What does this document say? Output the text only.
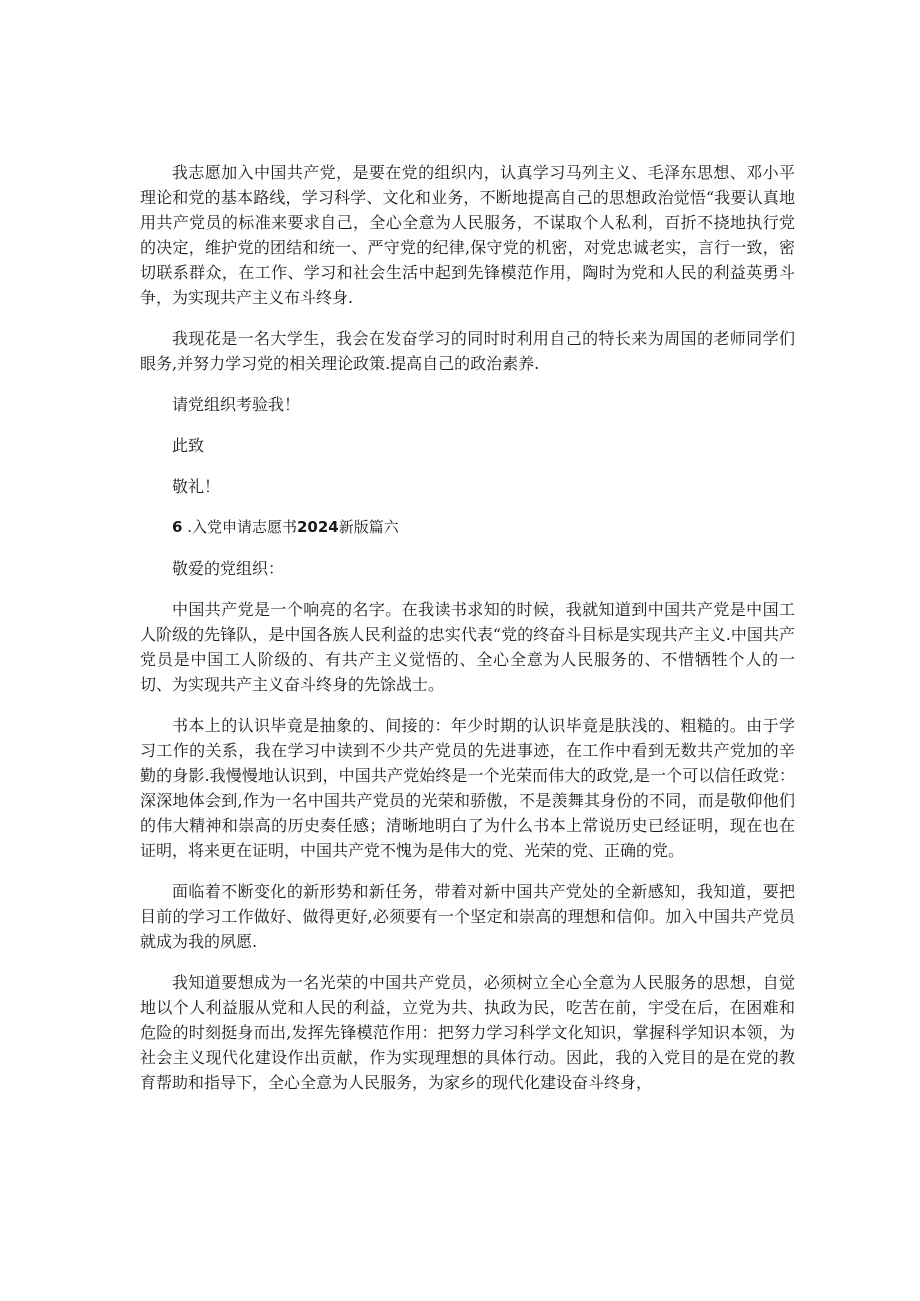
我志愿加入中国共产党，是要在党的组织内，认真学习马列主义、毛泽东思想、邓小平理论和党的基本路线，学习科学、文化和业务，不断地提高自己的思想政治觉悟“我要认真地用共产党员的标准来要求自己，全心全意为人民服务，不谋取个人私利，百折不挠地执行党的决定，维护党的团结和统一、严守党的纪律,保守党的机密，对党忠诚老实，言行一致，密切联系群众，在工作、学习和社会生活中起到先锋模范作用，陶时为党和人民的利益英勇斗争，为实现共产主义布斗终身.

我现花是一名大学生，我会在发奋学习的同时时利用自己的特长来为周国的老师同学们眼务,并努力学习党的相关理论政策.提高自己的政治素养.

请党组织考验我！

此致

敬礼！

6 .入党申请志愿书2024新版篇六

敬爱的党组织：

中国共产党是一个响亮的名字。在我读书求知的时候，我就知道到中国共产党是中国工人阶级的先锋队，是中国各族人民利益的忠实代表“党的终奋斗目标是实现共产主义.中国共产党员是中国工人阶级的、有共产主义觉悟的、全心全意为人民服务的、不惜牺牲个人的一切、为实现共产主义奋斗终身的先馀战士。

书本上的认识毕竟是抽象的、间接的：年少时期的认识毕竟是肤浅的、粗糙的。由于学习工作的关系，我在学习中读到不少共产党员的先进事迹，在工作中看到无数共产党加的辛勤的身影.我慢慢地认识到，中国共产党始终是一个光荣而伟大的政党,是一个可以信任政党：深深地体会到,作为一名中国共产党员的光荣和骄傲，不是羡舞其身份的不同，而是敬仰他们的伟大精神和崇高的历史奏任感；清晰地明白了为什么书本上常说历史已经证明，现在也在证明，将来更在证明，中国共产党不愧为是伟大的党、光荣的党、正确的党。

面临着不断变化的新形势和新任务，带着对新中国共产党处的全新感知，我知道，要把目前的学习工作做好、做得更好,必须要有一个坚定和崇高的理想和信仰。加入中国共产党员就成为我的夙愿.

我知道要想成为一名光荣的中国共产党员，必须树立全心全意为人民服务的思想，自觉地以个人利益服从党和人民的利益，立党为共、执政为民，吃苦在前，宇受在后，在困难和危险的时刻挺身而出,发挥先锋模范作用：把努力学习科学文化知识，掌握科学知识本领，为社会主义现代化建设作出贡献，作为实现理想的具体行动。因此，我的入党目的是在党的教育帮助和指导下，全心全意为人民服务，为家乡的现代化建设奋斗终身，
